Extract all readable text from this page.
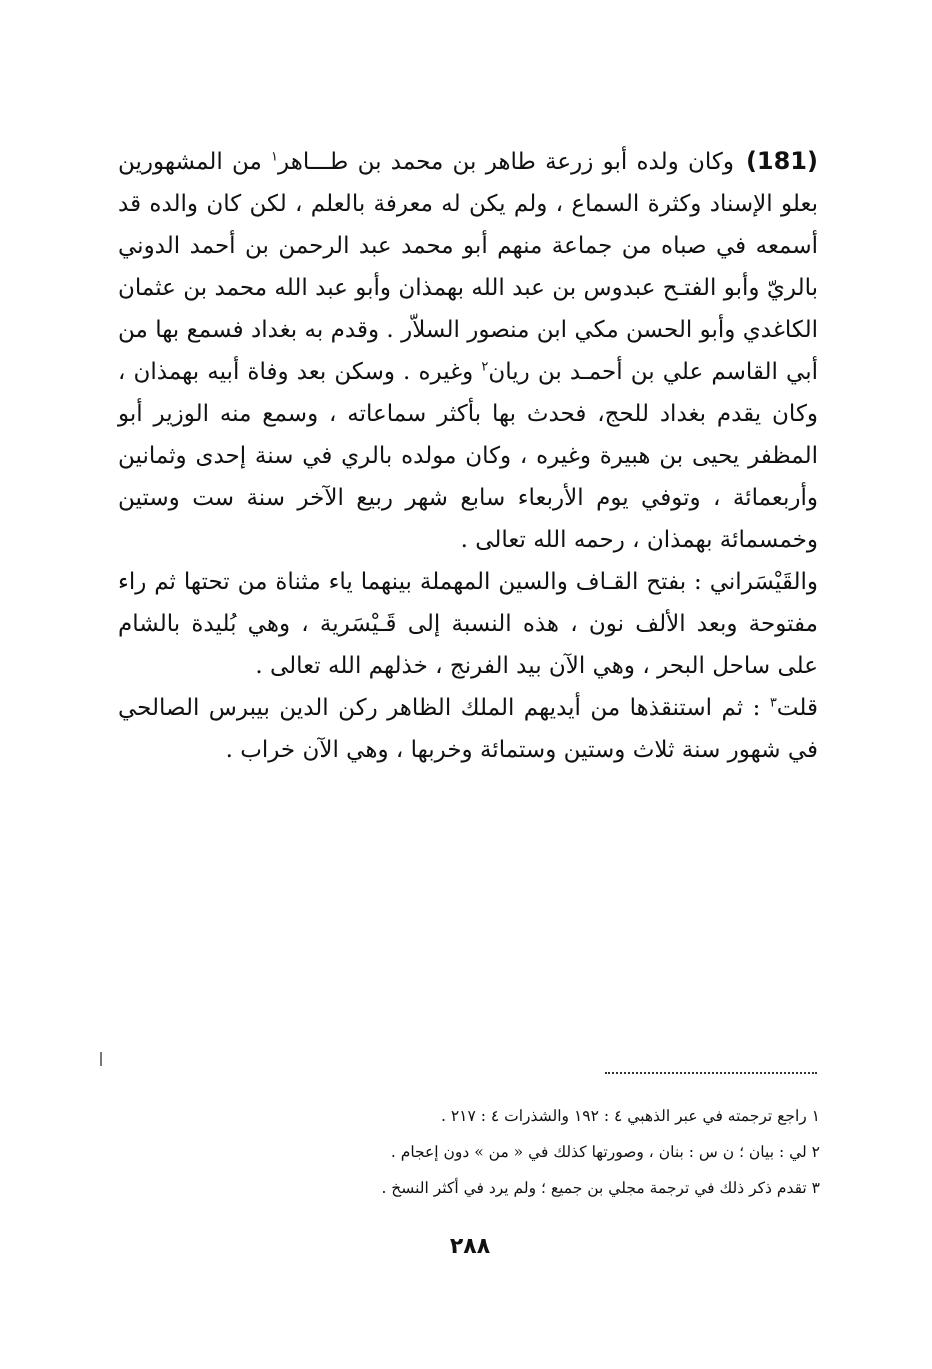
(181)وكان ولده أبو زرعة طاهر بن محمد بن طـــاهر$^١$ من المشهورين بعلو الإسناد وكثرة السماع ، ولم يكن له معرفة بالعلم ، لكن كان والده قد أسمعه في صباه من جماعة منهم أبو محمد عبد الرحمن بن أحمد الدوني بالريّ وأبو الفتـح عبدوس بن عبد الله بهمذان وأبو عبد الله محمد بن عثمان الكاغدي وأبو الحسن مكي ابن منصور السلاّر . وقدم به بغداد فسمع بها من أبي القاسم علي بن أحمـد بن ريان$^٢$ وغيره . وسكن بعد وفاة أبيه بهمذان ، وكان يقدم بغداد للحج، فحدث بها بأكثر سماعاته ، وسمع منه الوزير أبو المظفر يحيى بن هبيرة وغيره ، وكان مولده بالري في سنة إحدى وثمانين وأربعمائة ، وتوفي يوم الأربعاء سابع شهر ربيع الآخر سنة ست وستين وخمسمائة بهمذان ، رحمه الله تعالى .

والقَيْسَراني : بفتح القـاف والسين المهملة بينهما ياء مثناة من تحتها ثم راء مفتوحة وبعد الألف نون ، هذه النسبة إلى قَـيْسَرية ، وهي بُليدة بالشام على ساحل البحر ، وهي الآن بيد الفرنج ، خذلهم الله تعالى .

قلت$^٣$ : ثم استنقذها من أيديهم الملك الظاهر ركن الدين بيبرس الصالحي في شهور سنة ثلاث وستين وستمائة وخربها ، وهي الآن خراب .

١ راجع ترجمته في عبر الذهبي ٤ : ١٩٢ والشذرات ٤ : ٢١٧ .

٢ لي : بيان ؛ ن س : بنان ، وصورتها كذلك في « من » دون إعجام .

٣ تقدم ذكر ذلك في ترجمة مجلي بن جميع ؛ ولم يرد في أكثر النسخ .

٢٨٨
